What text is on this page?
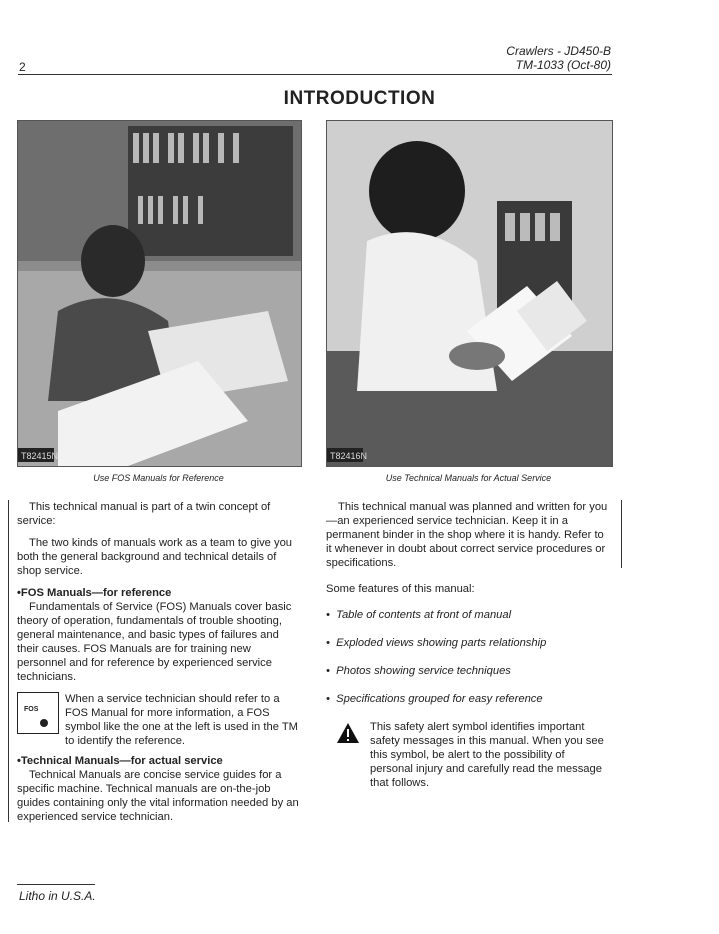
Crawlers - JD450-B
TM-1033 (Oct-80)
2
INTRODUCTION
T82415N
Use FOS Manuals for Reference
T82416N
Use Technical Manuals for Actual Service

This technical manual is part of a twin concept of service:

The two kinds of manuals work as a team to give you both the general background and technical details of shop service.

•FOS Manuals—for reference

Fundamentals of Service (FOS) Manuals cover basic theory of operation, fundamentals of trouble shooting, general maintenance, and basic types of failures and their causes. FOS Manuals are for training new personnel and for reference by experienced service technicians.

FOS
When a service technician should refer to a FOS Manual for more information, a FOS symbol like the one at the left is used in the TM to identify the reference.
•Technical Manuals—for actual service

Technical Manuals are concise service guides for a specific machine. Technical manuals are on-the-job guides containing only the vital information needed by an experienced service technician.

This technical manual was planned and written for you—an experienced service technician. Keep it in a permanent binder in the shop where it is handy. Refer to it whenever in doubt about correct service procedures or specifications.

Some features of this manual:

•  Table of contents at front of manual
•  Exploded views showing parts relationship
•  Photos showing service techniques
•  Specifications grouped for easy reference
This safety alert symbol identifies important safety messages in this manual. When you see this symbol, be alert to the possibility of personal injury and carefully read the message that follows.
Litho in U.S.A.
